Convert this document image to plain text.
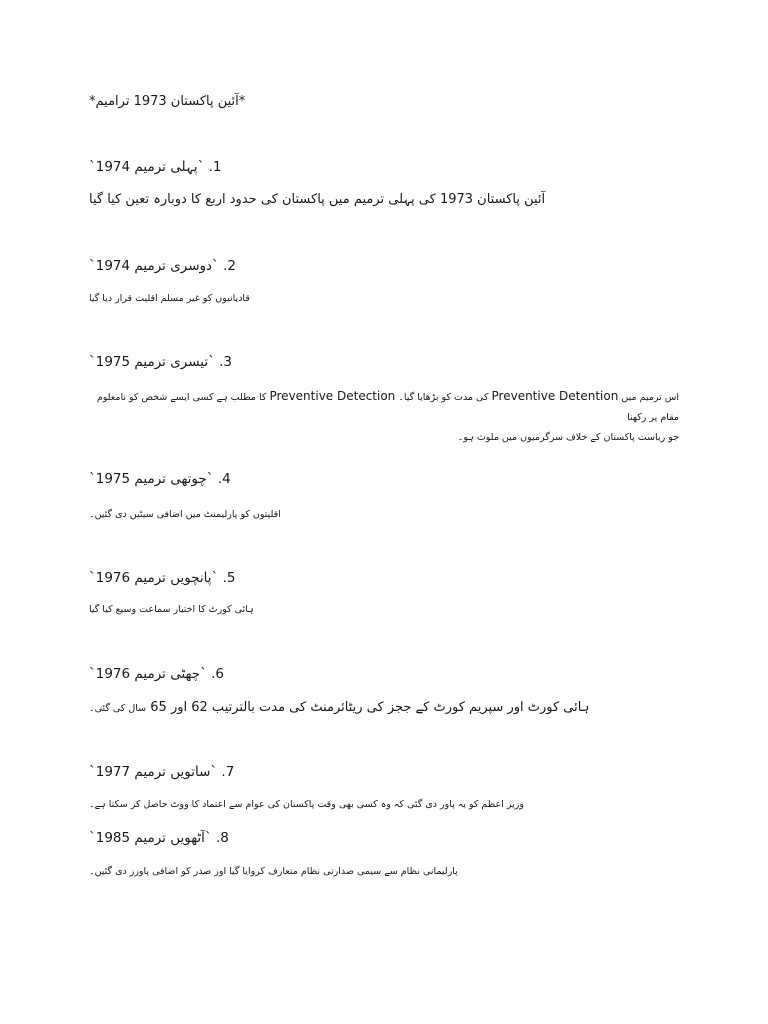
*آئین پاکستان 1973 ترامیم*
1. `پہلی ترمیم 1974`
آئین پاکستان 1973 کی پہلی ترمیم میں پاکستان کی حدود اربع کا دوبارہ تعین کیا گیا
2. `دوسری ترمیم 1974`
قادیانیوں کو غیر مسلم اقلیت قرار دیا گیا
3. `تیسری ترمیم 1975`
اس ترمیم میں Preventive Detention کی مدت کو بڑھایا گیا۔ Preventive Detection کا مطلب ہے کسی ایسے شخص کو نامعلوم مقام پر رکھنا
جو ریاست پاکستان کے خلاف سرگرمیوں میں ملوث ہو۔
4. `چوتھی ترمیم 1975`
اقلیتوں کو پارلیمنٹ میں اضافی سیٹیں دی گئیں۔
5. `پانچویں ترمیم 1976`
ہائی کورٹ کا اختیار سماعت وسیع کیا گیا
6. `چھٹی ترمیم 1976`
ہائی کورٹ اور سپریم کورٹ کے ججز کی ریٹائرمنٹ کی مدت بالترتیب 62 اور 65 سال کی گئی۔
7. `ساتویں ترمیم 1977`
وزیر اعظم کو یہ پاور دی گئی کہ وہ کسی بھی وقت پاکستان کی عوام سے اعتماد کا ووٹ حاصل کر سکتا ہے۔
8. `آٹھویں ترمیم 1985`
پارلیمانی نظام سے سیمی صدارتی نظام متعارف کروایا گیا اور صدر کو اضافی پاورز دی گئیں۔
